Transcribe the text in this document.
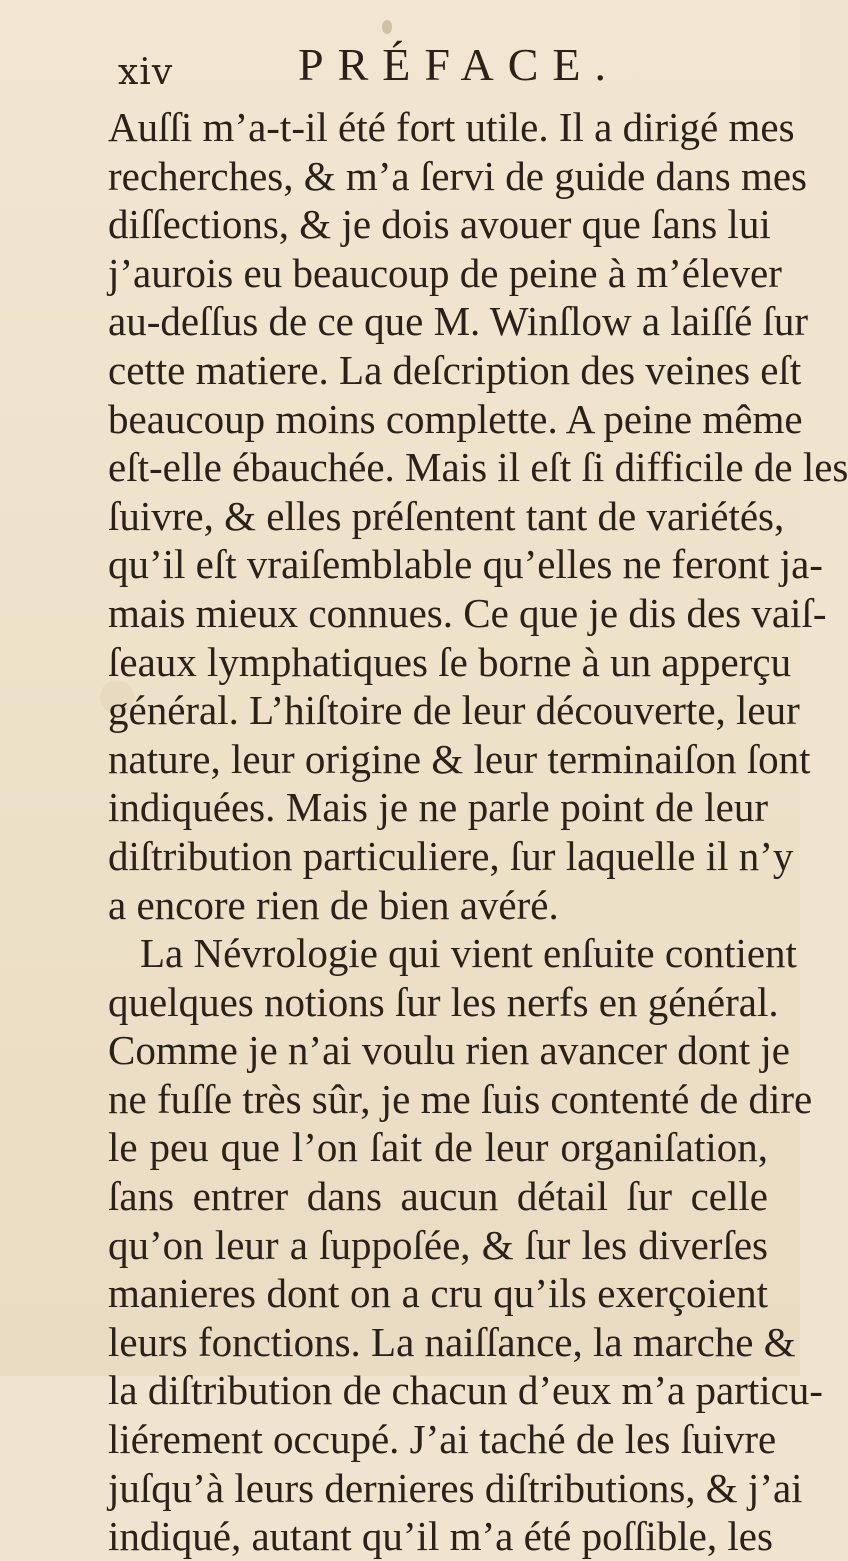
xiv	PRÉFACE.
Auſſi m’a-t-il été fort utile. Il a dirigé mes
recherches, & m’a ſervi de guide dans mes
diſſections, & je dois avouer que ſans lui
j’aurois eu beaucoup de peine à m’élever
au-deſſus de ce que M. Winſlow a laiſſé ſur
cette matiere. La deſcription des veines eſt
beaucoup moins complette. A peine même
eſt-elle ébauchée. Mais il eſt ſi difficile de les
ſuivre, & elles préſentent tant de variétés,
qu’il eſt vraiſemblable qu’elles ne feront ja-
mais mieux connues. Ce que je dis des vaiſ-
ſeaux lymphatiques ſe borne à un apperçu
général. L’hiſtoire de leur découverte, leur
nature, leur origine & leur terminaiſon ſont
indiquées. Mais je ne parle point de leur
diſtribution particuliere, ſur laquelle il n’y
a encore rien de bien avéré.
La Névrologie qui vient enſuite contient
quelques notions ſur les nerfs en général.
Comme je n’ai voulu rien avancer dont je
ne fuſſe très sûr, je me ſuis contenté de dire
le peu que l’on ſait de leur organiſation,
ſans entrer dans aucun détail ſur celle
qu’on leur a ſuppoſée, & ſur les diverſes
manieres dont on a cru qu’ils exerçoient
leurs fonctions. La naiſſance, la marche &
la diſtribution de chacun d’eux m’a particu-
liérement occupé. J’ai taché de les ſuivre
juſqu’à leurs dernieres diſtributions, & j’ai
indiqué, autant qu’il m’a été poſſible, les
